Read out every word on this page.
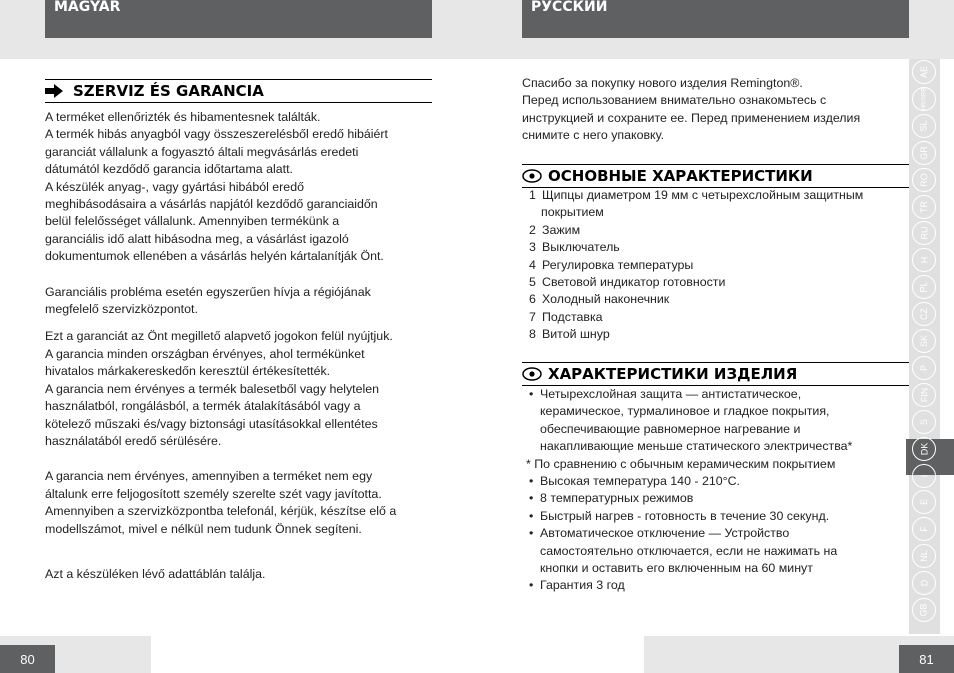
MAGYAR	РУССКИЙ
SZERVIZ ÉS GARANCIA

A terméket ellenőrizték és hibamentesnek találták.

A termék hibás anyagból vagy összeszerelésből eredő hibáiért

garanciát vállalunk a fogyasztó általi megvásárlás eredeti

dátumától kezdődő garancia időtartama alatt.

A készülék anyag-, vagy gyártási hibából eredő

meghibásodásaira a vásárlás napjától kezdődő garanciaidőn

belül felelősséget vállalunk. Amennyiben termékünk a

garanciális idő alatt hibásodna meg, a vásárlást igazoló

dokumentumok ellenében a vásárlás helyén kártalanítják Önt.

Garanciális probléma esetén egyszerűen hívja a régiójának

megfelelő szervizközpontot.

Ezt a garanciát az Önt megillető alapvető jogokon felül nyújtjuk.

A garancia minden országban érvényes, ahol termékünket

hivatalos márkakereskedőn keresztül értékesítették.

A garancia nem érvényes a termék balesetből vagy helytelen

használatból, rongálásból, a termék átalakításából vagy a

kötelező műszaki és/vagy biztonsági utasításokkal ellentétes

használatából eredő sérülésére.

A garancia nem érvényes, amennyiben a terméket nem egy

általunk erre feljogosított személy szerelte szét vagy javította.

Amennyiben a szervizközpontba telefonál, kérjük, készítse elő a

modellszámot, mivel e nélkül nem tudunk Önnek segíteni.

Azt a készüléken lévő adattáblán találja.

Спасибо за покупку нового изделия Remington®.

Перед использованием внимательно ознакомьтесь с

инструкцией и сохраните ее. Перед применением изделия

снимите с него упаковку.

ОСНОВНЫЕ ХАРАКТЕРИСТИКИ
1 Щипцы диаметром 19 мм с четырехслойным защитным
покрытием
2 Зажим
3 Выключатель
4 Регулировка температуры
5 Световой индикатор готовности
6 Холодный наконечник
7 Подставка
8 Витой шнур
ХАРАКТЕРИСТИКИ ИЗДЕЛИЯ
• Четырехслойная защита — антистатическое,
керамическое, турмалиновое и гладкое покрытия,
обеспечивающие равномерное нагревание и
накапливающие меньше статического электричества*
* По сравнению с обычным керамическим покрытием
• Высокая температура 140 - 210°C.
• 8 температурных режимов
• Быстрый нагрев - готовность в течение 30 секунд.
• Автоматическое отключение — Устройство
самостоятельно отключается, если не нажимать на
кнопки и оставить его включенным на 60 минут
• Гарантия 3 год
GB
D
NL
F
E
I
DK
S
FIN
P
SK
CZ
PL
H
RU
TR
RO
GR
SL
HR/SRB
AE
80	81
